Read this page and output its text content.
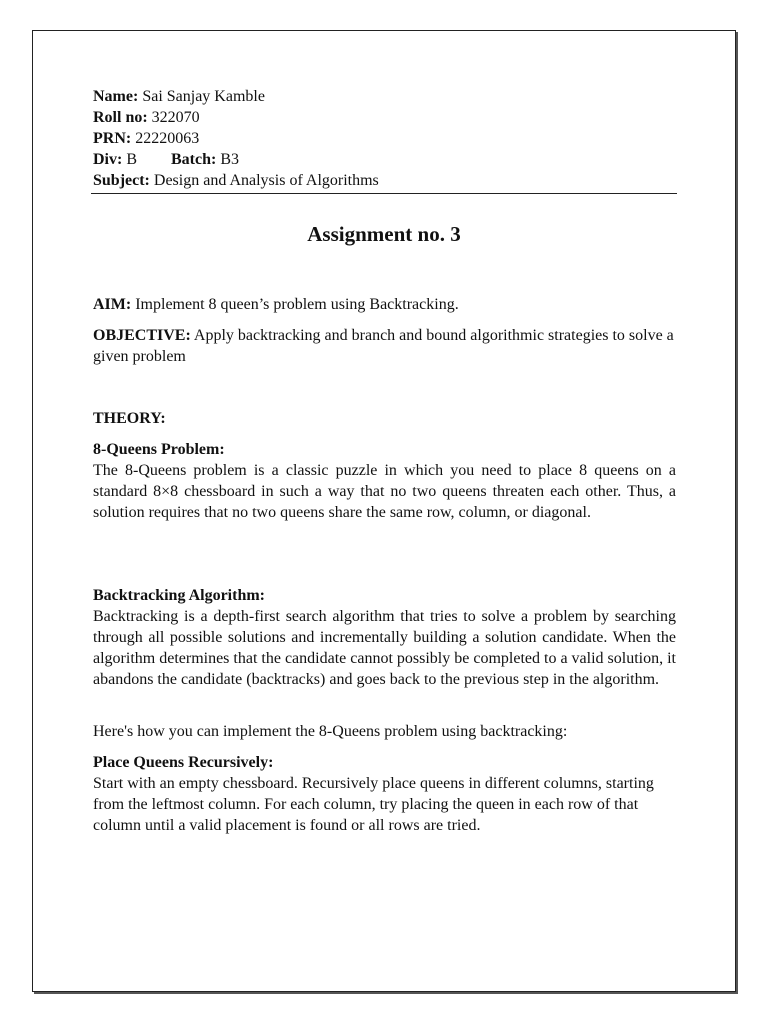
Name: Sai Sanjay Kamble

Roll no: 322070

PRN: 22220063

Div: B Batch: B3

Subject: Design and Analysis of Algorithms

Assignment no. 3

AIM: Implement 8 queen’s problem using Backtracking.

OBJECTIVE: Apply backtracking and branch and bound algorithmic strategies to solve a given problem

THEORY:

8-Queens Problem:

The 8-Queens problem is a classic puzzle in which you need to place 8 queens on a standard 8×8 chessboard in such a way that no two queens threaten each other. Thus, a solution requires that no two queens share the same row, column, or diagonal.

Backtracking Algorithm:

Backtracking is a depth-first search algorithm that tries to solve a problem by searching through all possible solutions and incrementally building a solution candidate. When the algorithm determines that the candidate cannot possibly be completed to a valid solution, it abandons the candidate (backtracks) and goes back to the previous step in the algorithm.

Here's how you can implement the 8-Queens problem using backtracking:

Place Queens Recursively:

Start with an empty chessboard. Recursively place queens in different columns, starting from the leftmost column. For each column, try placing the queen in each row of that column until a valid placement is found or all rows are tried.
